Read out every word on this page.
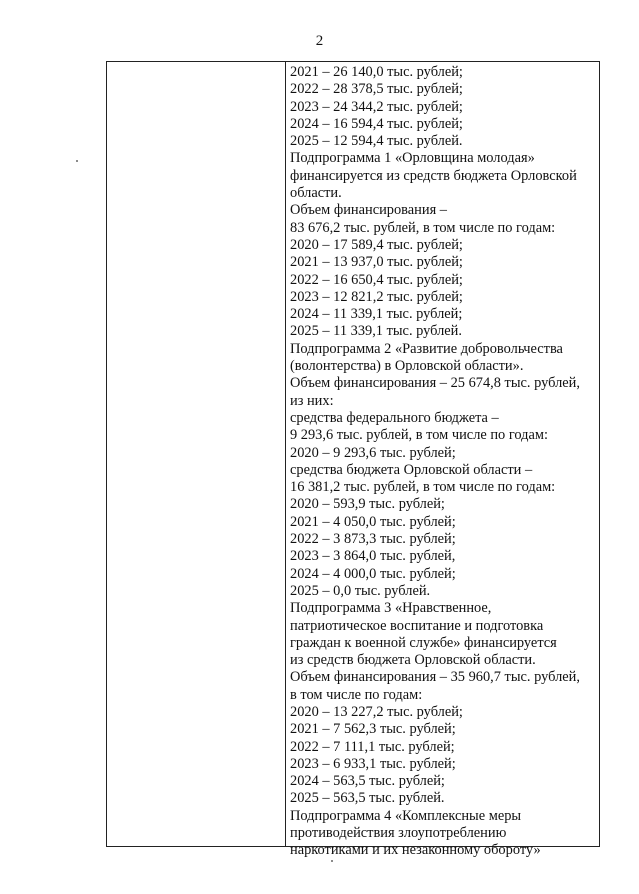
2
2021 – 26 140,0 тыс. рублей;
2022 – 28 378,5 тыс. рублей;
2023 – 24 344,2 тыс. рублей;
2024 – 16 594,4 тыс. рублей;
2025 – 12 594,4 тыс. рублей.
Подпрограмма 1 «Орловщина молодая»
финансируется из средств бюджета Орловской
области.
Объем финансирования –
83 676,2 тыс. рублей, в том числе по годам:
2020 – 17 589,4 тыс. рублей;
2021 – 13 937,0 тыс. рублей;
2022 – 16 650,4 тыс. рублей;
2023 – 12 821,2 тыс. рублей;
2024 – 11 339,1 тыс. рублей;
2025 – 11 339,1 тыс. рублей.
Подпрограмма 2 «Развитие добровольчества
(волонтерства) в Орловской области».
Объем финансирования – 25 674,8 тыс. рублей,
из них:
средства федерального бюджета –
9 293,6 тыс. рублей, в том числе по годам:
2020 – 9 293,6 тыс. рублей;
средства бюджета Орловской области –
16 381,2 тыс. рублей, в том числе по годам:
2020 – 593,9 тыс. рублей;
2021 – 4 050,0 тыс. рублей;
2022 – 3 873,3 тыс. рублей;
2023 – 3 864,0 тыс. рублей,
2024 – 4 000,0 тыс. рублей;
2025 – 0,0 тыс. рублей.
Подпрограмма 3 «Нравственное,
патриотическое воспитание и подготовка
граждан к военной службе» финансируется
из средств бюджета Орловской области.
Объем финансирования – 35 960,7 тыс. рублей,
в том числе по годам:
2020 – 13 227,2 тыс. рублей;
2021 – 7 562,3 тыс. рублей;
2022 – 7 111,1 тыс. рублей;
2023 – 6 933,1 тыс. рублей;
2024 – 563,5 тыс. рублей;
2025 – 563,5 тыс. рублей.
Подпрограмма 4 «Комплексные меры
противодействия злоупотреблению
наркотиками и их незаконному обороту»
